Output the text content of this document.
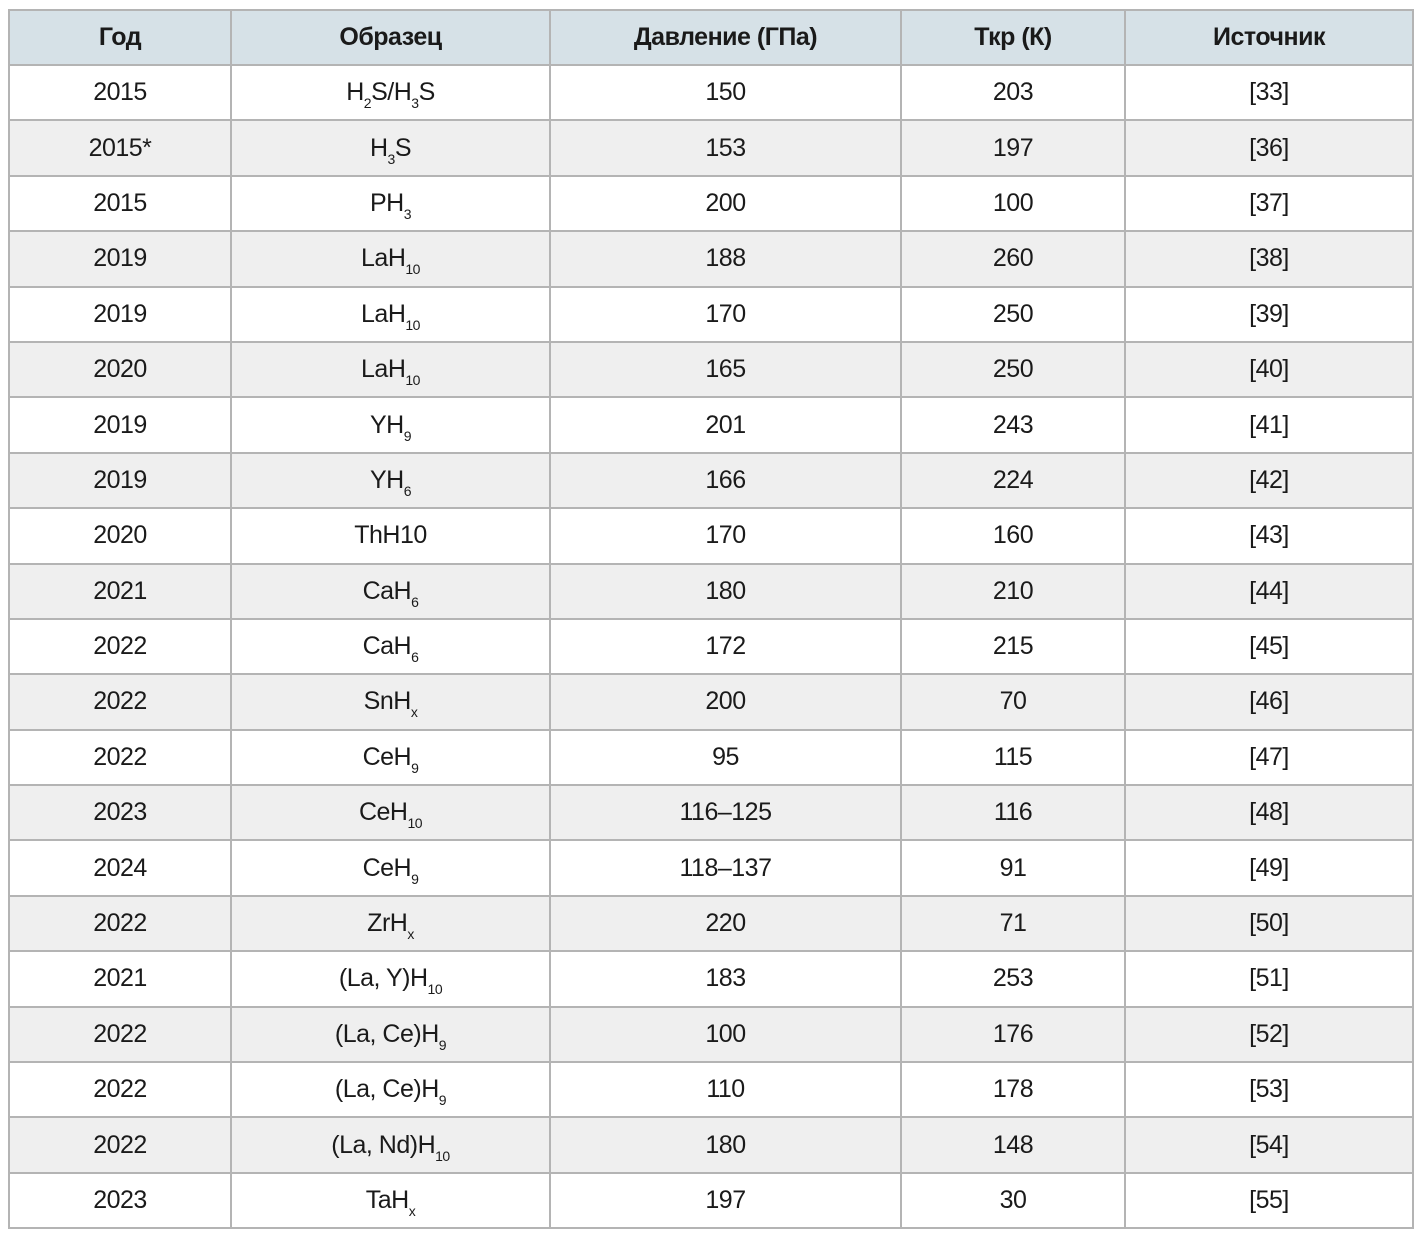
Год	Образец	Давление (ГПа)	Ткр (К)	Источник
2015	$H_2S/H_3S$	150	203	[33]
2015*	$H_3S$	153	197	[36]
2015	$PH_3$	200	100	[37]
2019	LaH$_{10}$	188	260	[38]
2019	LaH$_{10}$	170	250	[39]
2020	LaH$_{10}$	165	250	[40]
2019	$YH_9$	201	243	[41]
2019	$YH_6$	166	224	[42]
2020	ThH10	170	160	[43]
2021	CaH$_6$	180	210	[44]
2022	CaH$_6$	172	215	[45]
2022	SnH$_x$	200	70	[46]
2022	CeH$_9$	95	115	[47]
2023	CeH$_{10}$	116–125	116	[48]
2024	CeH$_9$	118–137	91	[49]
2022	ZrH$_x$	220	71	[50]
2021	(La, $Y)H_{10}$	183	253	[51]
2022	(La, $Ce)H_9$	100	176	[52]
2022	(La, $Ce)H_9$	110	178	[53]
2022	(La, $Nd)H_{10}$	180	148	[54]
2023	TaH$_x$	197	30	[55]
